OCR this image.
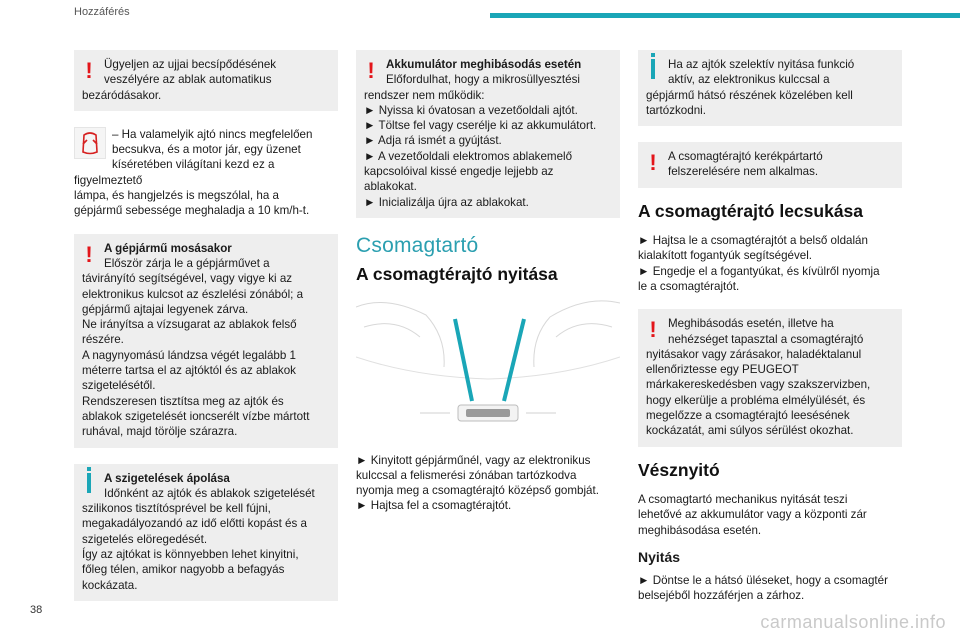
Hozzáférés
! Ügyeljen az ujjai becsípődésének
veszélyére az ablak automatikus
bezáródásakor.
– Ha valamelyik ajtó nincs megfelelően
becsukva, és a motor jár, egy üzenet
kíséretében világítani kezd ez a figyelmeztető
lámpa, és hangjelzés is megszólal, ha a
gépjármű sebessége meghaladja a 10 km/h-t.
! A gépjármű mosásakor
Először zárja le a gépjárművet a
távirányító segítségével, vagy vigye ki az
elektronikus kulcsot az észlelési zónából; a
gépjármű ajtajai legyenek zárva.
Ne irányítsa a vízsugarat az ablakok felső
részére.
A nagynyomású lándzsa végét legalább 1
méterre tartsa el az ajtóktól és az ablakok
szigetelésétől.
Rendszeresen tisztítsa meg az ajtók és
ablakok szigetelését ioncserélt vízbe mártott
ruhával, majd törölje szárazra.
A szigetelések ápolása
Időnként az ajtók és ablakok szigetelését
szilikonos tisztítósprével be kell fújni,
megakadályozandó az idő előtti kopást és a
szigetelés elöregedését.
Így az ajtókat is könnyebben lehet kinyitni,
főleg télen, amikor nagyobb a befagyás
kockázata.
! Akkumulátor meghibásodás esetén
Előfordulhat, hogy a mikrosüllyesztési
rendszer nem működik:
► Nyissa ki óvatosan a vezetőoldali ajtót.
► Töltse fel vagy cserélje ki az akkumulátort.
► Adja rá ismét a gyújtást.
► A vezetőoldali elektromos ablakemelő
kapcsolóival kissé engedje lejjebb az
ablakokat.
► Inicializálja újra az ablakokat.
Csomagtartó
A csomagtérajtó nyitása
► Kinyitott gépjárműnél, vagy az elektronikus
kulccsal a felismerési zónában tartózkodva
nyomja meg a csomagtérajtó középső gombját.
► Hajtsa fel a csomagtérajtót.
Ha az ajtók szelektív nyitása funkció
aktív, az elektronikus kulccsal a
gépjármű hátsó részének közelében kell
tartózkodni.
! A csomagtérajtó kerékpártartó
felszerelésére nem alkalmas.
A csomagtérajtó lecsukása
► Hajtsa le a csomagtérajtót a belső oldalán
kialakított fogantyúk segítségével.
► Engedje el a fogantyúkat, és kívülről nyomja
le a csomagtérajtót.
! Meghibásodás esetén, illetve ha
nehézséget tapasztal a csomagtérajtó
nyitásakor vagy zárásakor, haladéktalanul
ellenőriztesse egy PEUGEOT
márkakereskedésben vagy szakszervizben,
hogy elkerülje a probléma elmélyülését, és
megelőzze a csomagtérajtó leesésének
kockázatát, ami súlyos sérülést okozhat.
Vésznyitó
A csomagtartó mechanikus nyitását teszi
lehetővé az akkumulátor vagy a központi zár
meghibásodása esetén.
Nyitás
► Döntse le a hátsó üléseket, hogy a csomagtér
belsejéből hozzáférjen a zárhoz.
38
carmanualsonline.info
